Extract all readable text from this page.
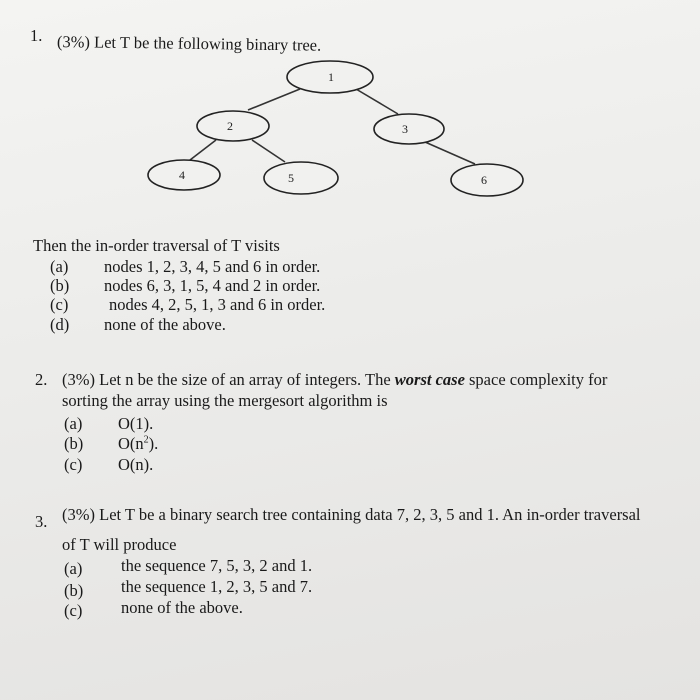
1. (3%) Let T be the following binary tree.
1
2	3
4	5	6
Then the in-order traversal of T visits
(a) nodes 1, 2, 3, 4, 5 and 6 in order.
(b) nodes 6, 3, 1, 5, 4 and 2 in order.
(c) nodes 4, 2, 5, 1, 3 and 6 in order.
(d) none of the above.
2. (3%) Let n be the size of an array of integers. The worst case space complexity for
sorting the array using the mergesort algorithm is
(a) O(1).
(b) $O(n^2)$.
(c) O(n).
3. (3%) Let T be a binary search tree containing data 7, 2, 3, 5 and 1. An in-order traversal
of T will produce
(a) the sequence 7, 5, 3, 2 and 1.
(b) the sequence 1, 2, 3, 5 and 7.
(c) none of the above.
